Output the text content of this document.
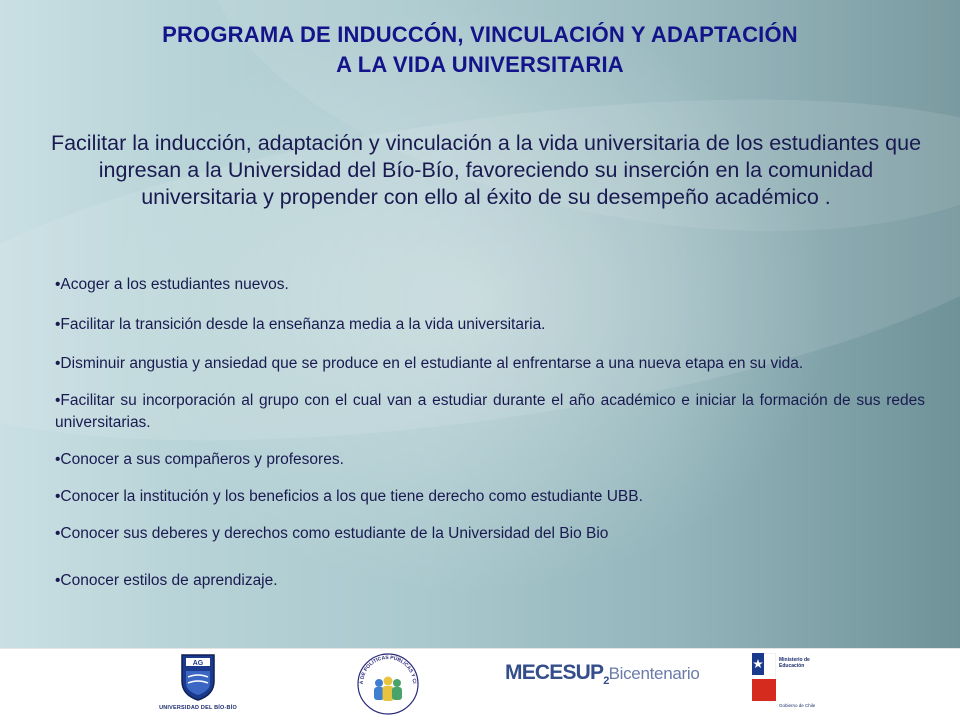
PROGRAMA DE INDUCCÓN, VINCULACIÓN Y ADAPTACIÓN
A LA VIDA UNIVERSITARIA
Facilitar la inducción, adaptación y vinculación a la vida universitaria de los estudiantes que ingresan a la Universidad del Bío-Bío, favoreciendo su inserción en la comunidad universitaria y propender con ello al éxito de su desempeño académico .

•Acoger a los estudiantes nuevos.

•Facilitar la transición desde la enseñanza media a la vida universitaria.

•Disminuir angustia y ansiedad que se produce en el estudiante al enfrentarse a una nueva etapa en su vida.

•Facilitar su incorporación al grupo con el cual van a estudiar durante el año académico e iniciar la formación de sus redes universitarias.

•Conocer a sus compañeros y profesores.

•Conocer la institución y los beneficios a los que tiene derecho como estudiante UBB.

•Conocer sus deberes y derechos como estudiante de la Universidad del Bio Bio

•Conocer estilos de aprendizaje.

AG
UNIVERSIDAD DEL BÍO-BÍO
A DE POLÍTICAS PÚBLICAS Y CI	$MECESUP_2Bicentenario$
Ministerio de Educación
Gobierno de Chile
